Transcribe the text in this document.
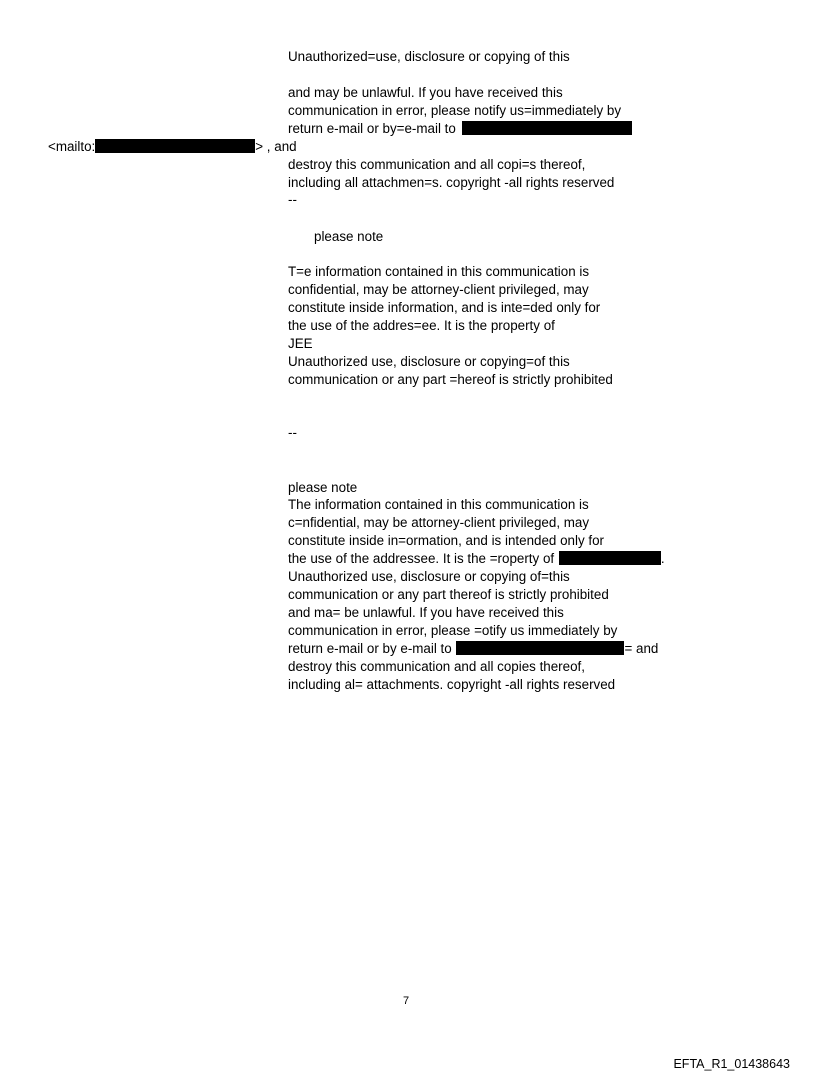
Unauthorized=use, disclosure or copying of this
and may be unlawful. If you have received this
communication in error, please notify us=immediately by
return e-mail or by=e-mail to
<mailto:	> , and
destroy this communication and all copi=s thereof,
including all attachmen=s. copyright -all rights reserved
--
please note
T=e information contained in this communication is
confidential, may be attorney-client privileged, may
constitute inside information, and is inte=ded only for
the use of the addres=ee. It is the property of
JEE
Unauthorized use, disclosure or copying=of this
communication or any part =hereof is strictly prohibited
--
please note
The information contained in this communication is
c=nfidential, may be attorney-client privileged, may
constitute inside in=ormation, and is intended only for
the use of the addressee. It is the =roperty of	.
Unauthorized use, disclosure or copying of=this
communication or any part thereof is strictly prohibited
and ma= be unlawful. If you have received this
communication in error, please =otify us immediately by
return e-mail or by e-mail to	= and
destroy this communication and all copies thereof,
including al= attachments. copyright -all rights reserved
7
EFTA_R1_01438643
